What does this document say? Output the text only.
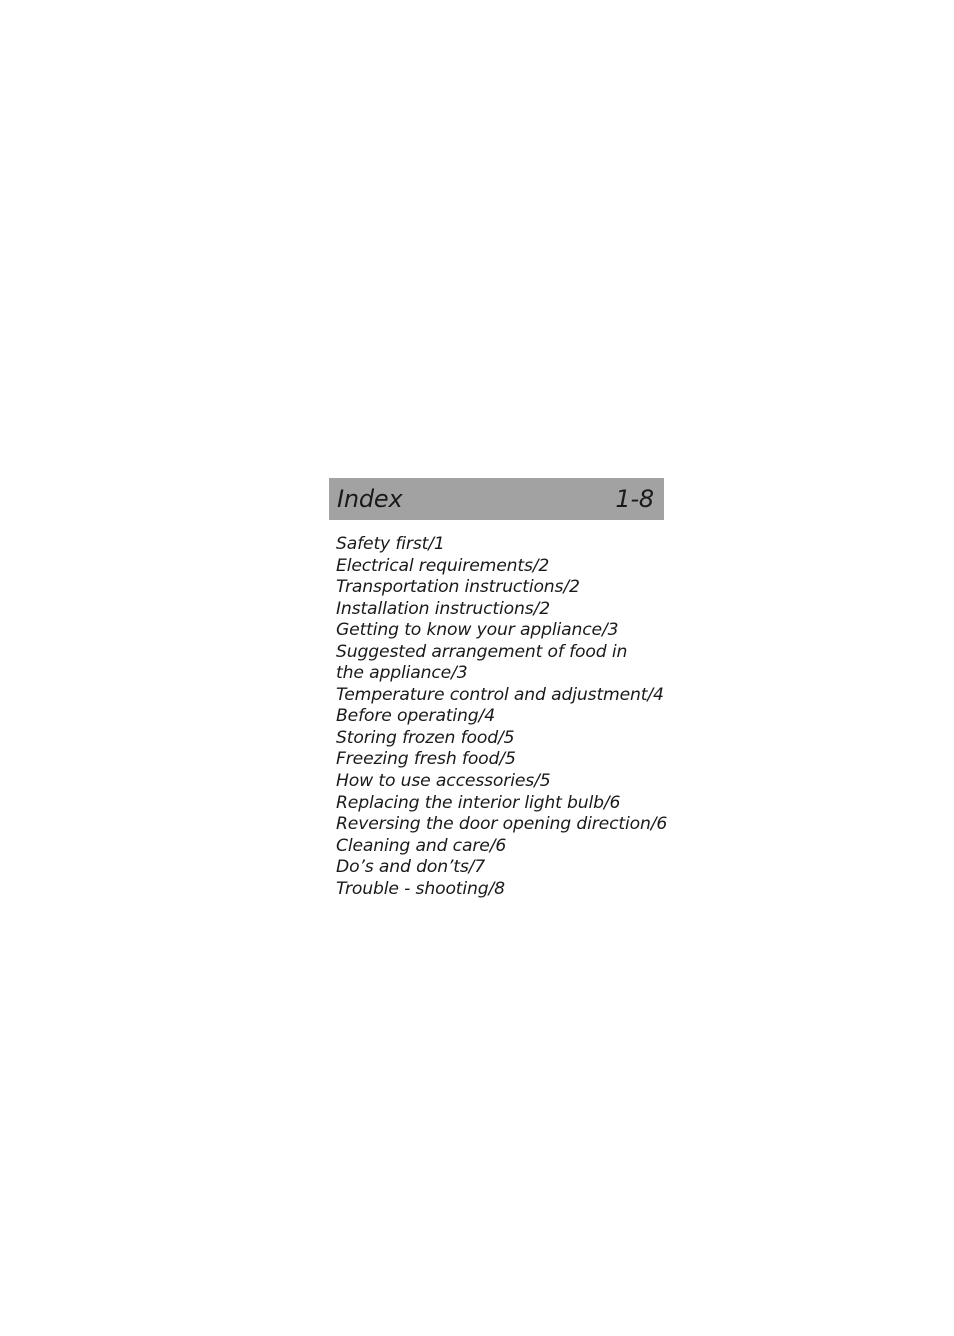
Index	1-8
Safety first/1
Electrical requirements/2
Transportation instructions/2
Installation instructions/2
Getting to know your appliance/3
Suggested arrangement of food in
the appliance/3
Temperature control and adjustment/4
Before operating/4
Storing frozen food/5
Freezing fresh food/5
How to use accessories/5
Replacing the interior light bulb/6
Reversing the door opening direction/6
Cleaning and care/6
Do’s and don’ts/7
Trouble - shooting/8
